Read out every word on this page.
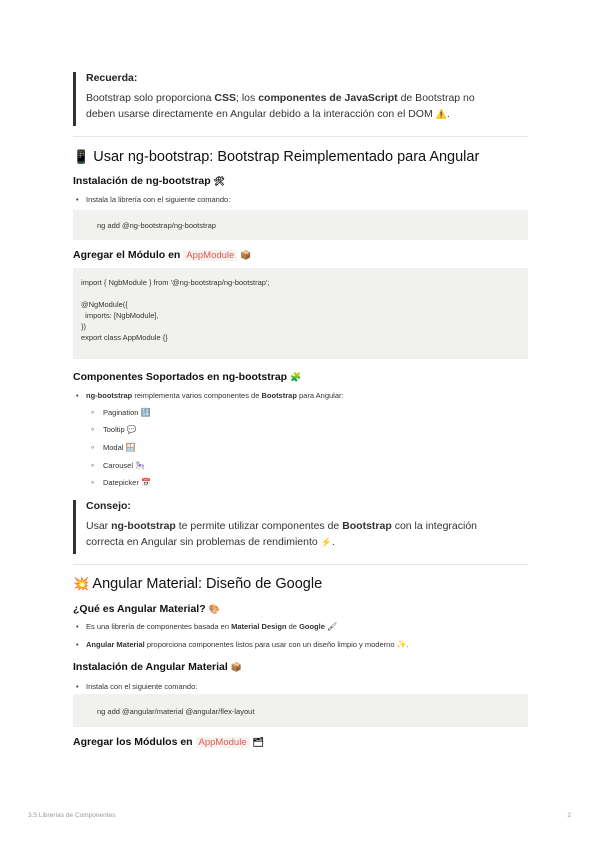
Recuerda:
Bootstrap solo proporciona CSS; los componentes de JavaScript de Bootstrap no
deben usarse directamente en Angular debido a la interacción con el DOM ⚠️.
📱 Usar ng-bootstrap: Bootstrap Reimplementado para Angular
Instalación de ng-bootstrap 🛠
• Instala la librería con el siguiente comando:
ng add @ng-bootstrap/ng-bootstrap
Agregar el Módulo en AppModule 📦
import { NgbModule } from '@ng-bootstrap/ng-bootstrap';

@NgModule({
imports: [NgbModule],
})
export class AppModule {}
Componentes Soportados en ng-bootstrap 🧩
• ng-bootstrap reimplementa varios componentes de Bootstrap para Angular:
◦ Pagination 🔢
◦ Tooltip 💬
◦ Modal 🪟
◦ Carousel 🎠
◦ Datepicker 📅
Consejo:
Usar ng-bootstrap te permite utilizar componentes de Bootstrap con la integración
correcta en Angular sin problemas de rendimiento ⚡.
💥 Angular Material: Diseño de Google
¿Qué es Angular Material? 🎨
• Es una librería de componentes basada en Material Design de Google 🖌
• Angular Material proporciona componentes listos para usar con un diseño limpio y moderno ✨.
Instalación de Angular Material 📦
• Instala con el siguiente comando:
ng add @angular/material @angular/flex-layout
Agregar los Módulos en AppModule 🗂
3.5 Librerías de Componentes	2
